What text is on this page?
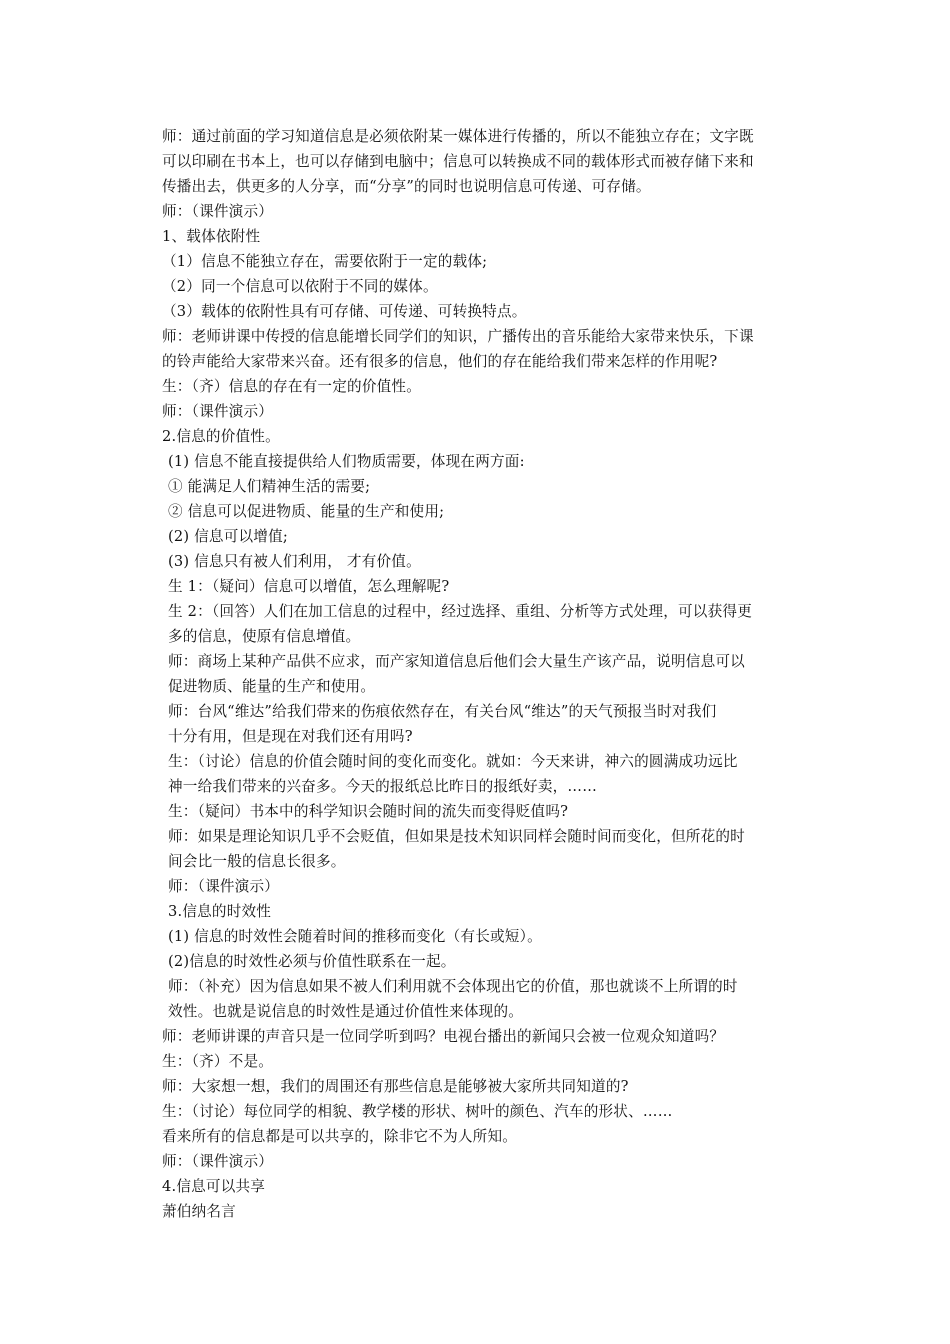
师：通过前面的学习知道信息是必须依附某一媒体进行传播的，所以不能独立存在；文字既
可以印刷在书本上，也可以存储到电脑中；信息可以转换成不同的载体形式而被存储下来和
传播出去，供更多的人分享，而“分享”的同时也说明信息可传递、可存储。
师：（课件演示）
1、载体依附性
（1）信息不能独立存在，需要依附于一定的载体;
（2）同一个信息可以依附于不同的媒体。
（3）载体的依附性具有可存储、可传递、可转换特点。
师：老师讲课中传授的信息能增长同学们的知识，广播传出的音乐能给大家带来快乐，下课
的铃声能给大家带来兴奋。还有很多的信息，他们的存在能给我们带来怎样的作用呢?
生：（齐）信息的存在有一定的价值性。
师：（课件演示）
2.信息的价值性。
(1) 信息不能直接提供给人们物质需要，体现在两方面:
① 能满足人们精神生活的需要;
② 信息可以促进物质、能量的生产和使用;
(2) 信息可以增值;
(3) 信息只有被人们利用， 才有价值。
生 1：（疑问）信息可以增值，怎么理解呢?
生 2：（回答）人们在加工信息的过程中，经过选择、重组、分析等方式处理，可以获得更
多的信息，使原有信息增值。
师：商场上某种产品供不应求，而产家知道信息后他们会大量生产该产品，说明信息可以
促进物质、能量的生产和使用。
师：台风“维达”给我们带来的伤痕依然存在，有关台风“维达”的天气预报当时对我们
十分有用，但是现在对我们还有用吗?
生：（讨论）信息的价值会随时间的变化而变化。就如：今天来讲，神六的圆满成功远比
神一给我们带来的兴奋多。今天的报纸总比昨日的报纸好卖，……
生：（疑问）书本中的科学知识会随时间的流失而变得贬值吗?
师：如果是理论知识几乎不会贬值，但如果是技术知识同样会随时间而变化，但所花的时
间会比一般的信息长很多。
师：（课件演示）
3.信息的时效性
(1) 信息的时效性会随着时间的推移而变化（有长或短）。
(2)信息的时效性必须与价值性联系在一起。
师：（补充）因为信息如果不被人们利用就不会体现出它的价值，那也就谈不上所谓的时
效性。也就是说信息的时效性是通过价值性来体现的。
师：老师讲课的声音只是一位同学听到吗？电视台播出的新闻只会被一位观众知道吗？
生：（齐）不是。
师：大家想一想，我们的周围还有那些信息是能够被大家所共同知道的?
生：（讨论）每位同学的相貌、教学楼的形状、树叶的颜色、汽车的形状、……
看来所有的信息都是可以共享的，除非它不为人所知。
师：（课件演示）
4.信息可以共享
萧伯纳名言
